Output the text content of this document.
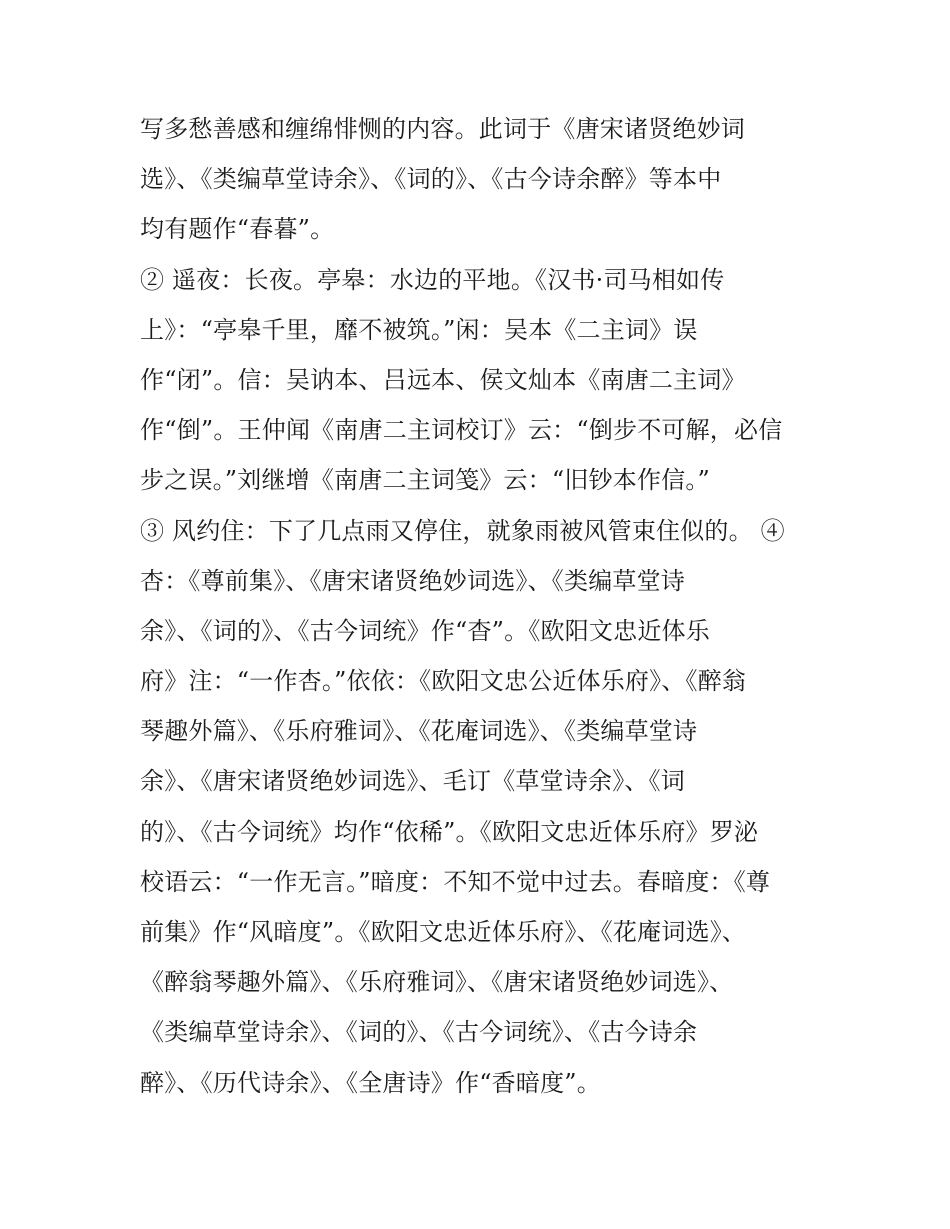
写多愁善感和缠绵悱恻的内容。此词于《唐宋诸贤绝妙词
选》、《类编草堂诗余》、《词的》、《古今诗余醉》等本中
均有题作“春暮”。
② 遥夜：长夜。亭皋：水边的平地。《汉书·司马相如传
上》：“亭皋千里，靡不被筑。”闲：吴本《二主词》误
作“闭”。信：吴讷本、吕远本、侯文灿本《南唐二主词》
作“倒”。王仲闻《南唐二主词校订》云：“倒步不可解，必信
步之误。”刘继增《南唐二主词笺》云：“旧钞本作信。”
③ 风约住：下了几点雨又停住，就象雨被风管束住似的。 ④
杏：《尊前集》、《唐宋诸贤绝妙词选》、《类编草堂诗
余》、《词的》、《古今词统》作“杳”。《欧阳文忠近体乐
府》注：“一作杏。”依依：《欧阳文忠公近体乐府》、《醉翁
琴趣外篇》、《乐府雅词》、《花庵词选》、《类编草堂诗
余》、《唐宋诸贤绝妙词选》、毛订《草堂诗余》、《词
的》、《古今词统》均作“依稀”。《欧阳文忠近体乐府》罗泌
校语云：“一作无言。”暗度：不知不觉中过去。春暗度：《尊
前集》作“风暗度”。《欧阳文忠近体乐府》、《花庵词选》、
《醉翁琴趣外篇》、《乐府雅词》、《唐宋诸贤绝妙词选》、
《类编草堂诗余》、《词的》、《古今词统》、《古今诗余
醉》、《历代诗余》、《全唐诗》作“香暗度”。
